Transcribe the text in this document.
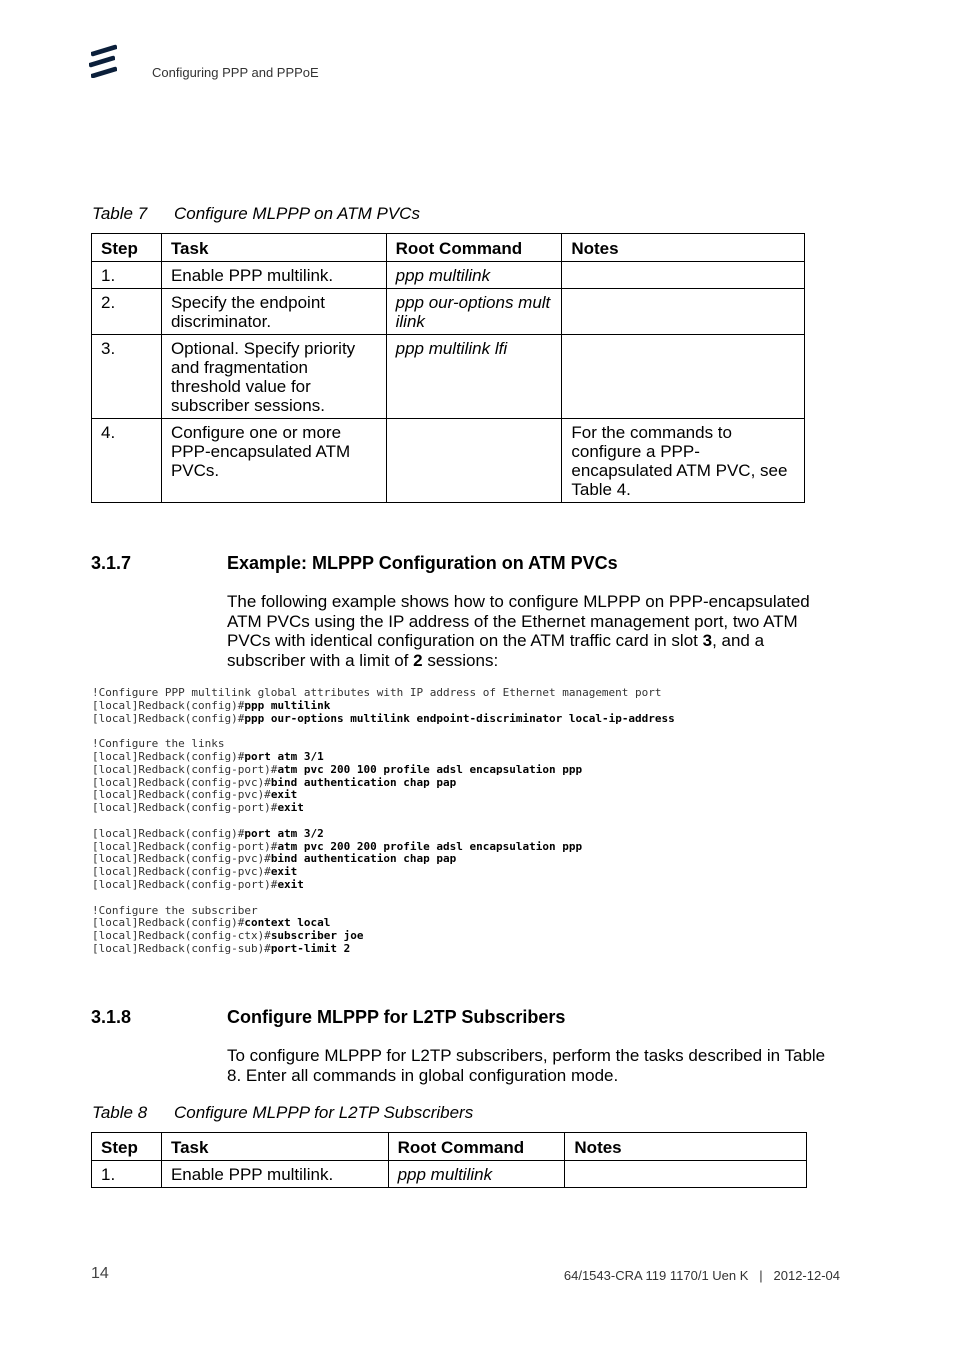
Configuring PPP and PPPoE
Table 7 Configure MLPPP on ATM PVCs
Step	Task	Root Command	Notes
1.	Enable PPP multilink.	ppp multilink	
2.	Specify the endpoint discriminator.	ppp our-options multilink	
3.	Optional. Specify priority and fragmentation threshold value for subscriber sessions.	ppp multilink lfi	
4.	Configure one or more PPP-encapsulated ATM PVCs.		For the commands to configure a PPP-encapsulated ATM PVC, see Table 4.
3.1.7	Example: MLPPP Configuration on ATM PVCs
The following example shows how to configure MLPPP on PPP-encapsulated ATM PVCs using the IP address of the Ethernet management port, two ATM PVCs with identical configuration on the ATM traffic card in slot 3, and a subscriber with a limit of 2 sessions:
!Configure PPP multilink global attributes with IP address of Ethernet management port
[local]Redback(config)#ppp multilink
[local]Redback(config)#ppp our-options multilink endpoint-discriminator local-ip-address

!Configure the links
[local]Redback(config)#port atm 3/1
[local]Redback(config-port)#atm pvc 200 100 profile adsl encapsulation ppp
[local]Redback(config-pvc)#bind authentication chap pap
[local]Redback(config-pvc)#exit
[local]Redback(config-port)#exit

[local]Redback(config)#port atm 3/2
[local]Redback(config-port)#atm pvc 200 200 profile adsl encapsulation ppp
[local]Redback(config-pvc)#bind authentication chap pap
[local]Redback(config-pvc)#exit
[local]Redback(config-port)#exit

!Configure the subscriber
[local]Redback(config)#context local
[local]Redback(config-ctx)#subscriber joe
[local]Redback(config-sub)#port-limit 2

3.1.8	Configure MLPPP for L2TP Subscribers
To configure MLPPP for L2TP subscribers, perform the tasks described in Table 8. Enter all commands in global configuration mode.
Table 8 Configure MLPPP for L2TP Subscribers
Step	Task	Root Command	Notes
1.	Enable PPP multilink.	ppp multilink	
14	64/1543-CRA 119 1170/1 Uen K | 2012-12-04
